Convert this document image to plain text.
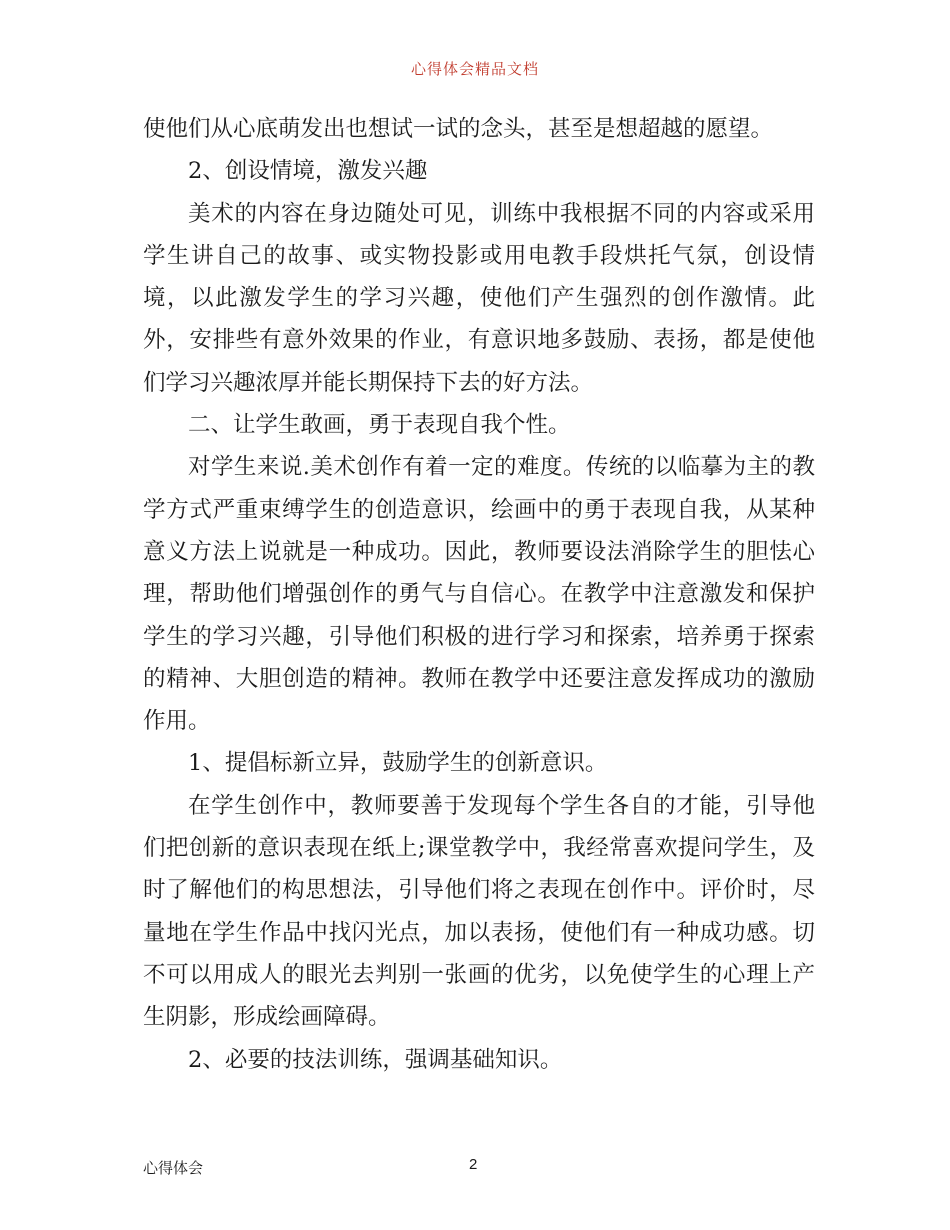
心得体会精品文档

使他们从心底萌发出也想试一试的念头，甚至是想超越的愿望。

2、创设情境，激发兴趣

美术的内容在身边随处可见，训练中我根据不同的内容或采用学生讲自己的故事、或实物投影或用电教手段烘托气氛，创设情境，以此激发学生的学习兴趣，使他们产生强烈的创作激情。此外，安排些有意外效果的作业，有意识地多鼓励、表扬，都是使他们学习兴趣浓厚并能长期保持下去的好方法。

二、让学生敢画，勇于表现自我个性。

对学生来说.美术创作有着一定的难度。传统的以临摹为主的教学方式严重束缚学生的创造意识，绘画中的勇于表现自我，从某种意义方法上说就是一种成功。因此，教师要设法消除学生的胆怯心理，帮助他们增强创作的勇气与自信心。在教学中注意激发和保护学生的学习兴趣，引导他们积极的进行学习和探索，培养勇于探索的精神、大胆创造的精神。教师在教学中还要注意发挥成功的激励作用。

1、提倡标新立异，鼓励学生的创新意识。

在学生创作中，教师要善于发现每个学生各自的才能，引导他们把创新的意识表现在纸上;课堂教学中，我经常喜欢提问学生，及时了解他们的构思想法，引导他们将之表现在创作中。评价时，尽量地在学生作品中找闪光点，加以表扬，使他们有一种成功感。切不可以用成人的眼光去判别一张画的优劣，以免使学生的心理上产生阴影，形成绘画障碍。

2、必要的技法训练，强调基础知识。

心得体会	2
